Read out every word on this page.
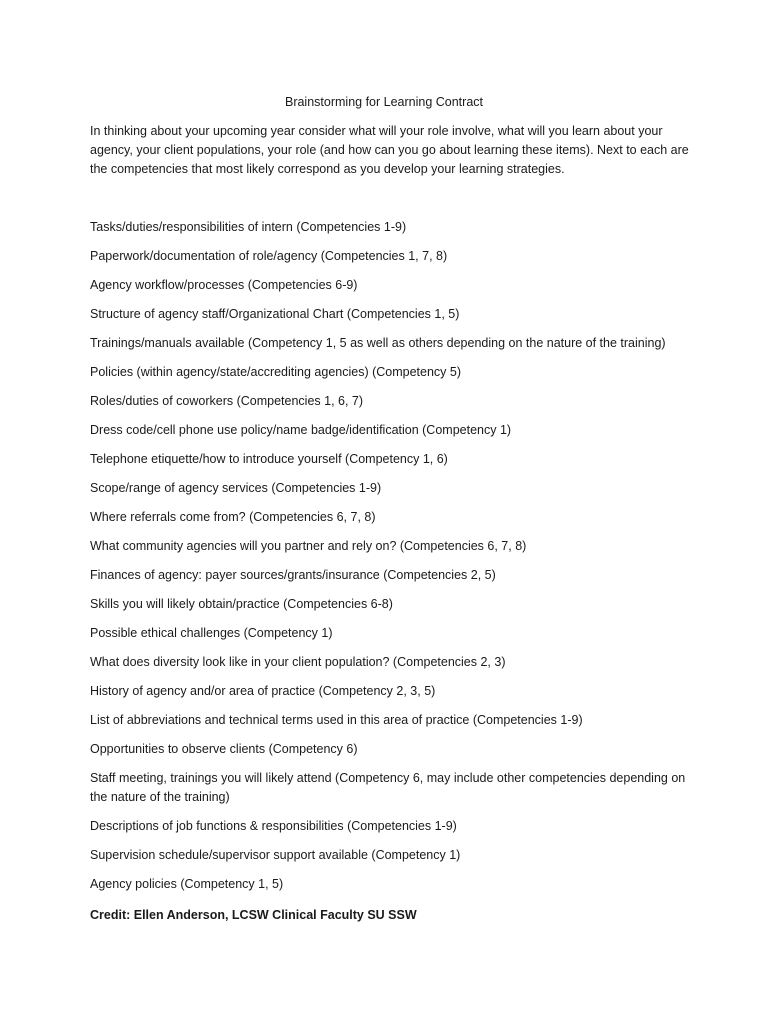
Brainstorming for Learning Contract

In thinking about your upcoming year consider what will your role involve, what will you learn about your agency, your client populations, your role (and how can you go about learning these items). Next to each are the competencies that most likely correspond as you develop your learning strategies.

Tasks/duties/responsibilities of intern (Competencies 1-9)
Paperwork/documentation of role/agency (Competencies 1, 7, 8)
Agency workflow/processes (Competencies 6-9)
Structure of agency staff/Organizational Chart (Competencies 1, 5)
Trainings/manuals available (Competency 1, 5 as well as others depending on the nature of the training)
Policies (within agency/state/accrediting agencies) (Competency 5)
Roles/duties of coworkers (Competencies 1, 6, 7)
Dress code/cell phone use policy/name badge/identification (Competency 1)
Telephone etiquette/how to introduce yourself (Competency 1, 6)
Scope/range of agency services (Competencies 1-9)
Where referrals come from? (Competencies 6, 7, 8)
What community agencies will you partner and rely on? (Competencies 6, 7, 8)
Finances of agency: payer sources/grants/insurance (Competencies 2, 5)
Skills you will likely obtain/practice (Competencies 6-8)
Possible ethical challenges (Competency 1)
What does diversity look like in your client population? (Competencies 2, 3)
History of agency and/or area of practice (Competency 2, 3, 5)
List of abbreviations and technical terms used in this area of practice (Competencies 1-9)
Opportunities to observe clients (Competency 6)
Staff meeting, trainings you will likely attend (Competency 6, may include other competencies depending on the nature of the training)
Descriptions of job functions & responsibilities (Competencies 1-9)
Supervision schedule/supervisor support available (Competency 1)
Agency policies (Competency 1, 5)

Credit: Ellen Anderson, LCSW Clinical Faculty SU SSW
